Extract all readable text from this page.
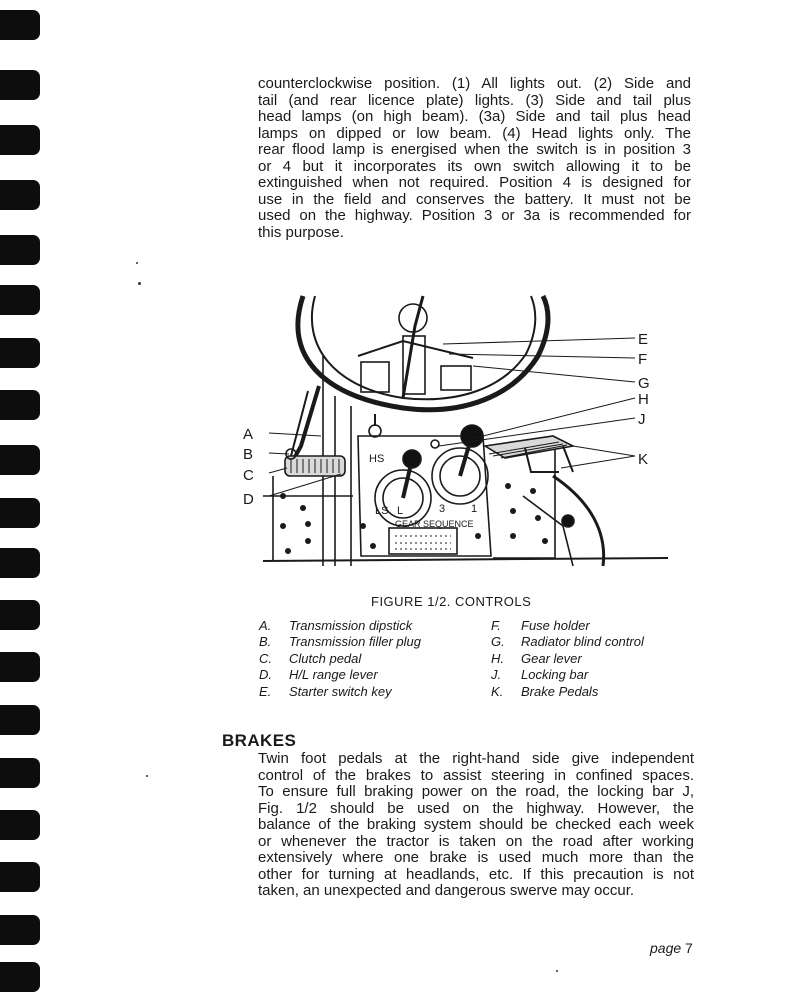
counterclockwise position. (1) All lights out. (2) Side and
tail (and rear licence plate) lights. (3) Side and tail plus
head lamps (on high beam). (3a) Side and tail plus head
lamps on dipped or low beam. (4) Head lights only. The
rear flood lamp is energised when the switch is in position 3
or 4 but it incorporates its own switch allowing it to be
extinguished when not required. Position 4 is designed for
use in the field and conserves the battery. It must not be
used on the highway. Position 3 or 3a is recommended for
this purpose.
A
B
C
D
E
F
G
H
J
K
HS
LS L	3 1
GEAR SEQUENCE
FIGURE 1/2. CONTROLS
A.	Transmission dipstick
B.	Transmission filler plug
C.	Clutch pedal
D.	H/L range lever
E.	Starter switch key
F.	Fuse holder
G.	Radiator blind control
H.	Gear lever
J.	Locking bar
K.	Brake Pedals
BRAKES
Twin foot pedals at the right-hand side give independent
control of the brakes to assist steering in confined spaces.
To ensure full braking power on the road, the locking bar J,
Fig. 1/2 should be used on the highway. However, the
balance of the braking system should be checked each week
or whenever the tractor is taken on the road after working
extensively where one brake is used much more than the
other for turning at headlands, etc. If this precaution is not
taken, an unexpected and dangerous swerve may occur.
page 7
